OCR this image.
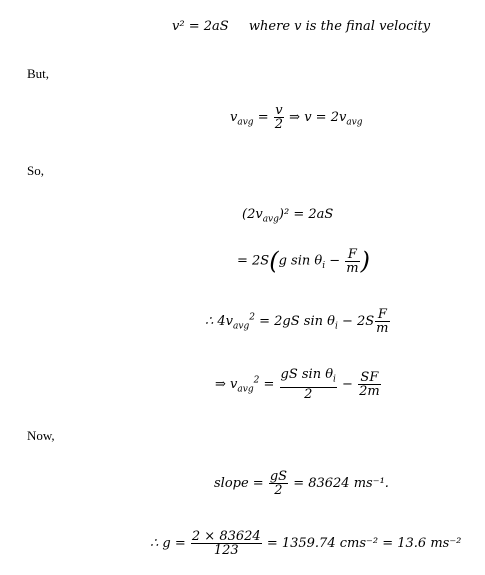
v² = 2aS where v is the final velocity
But,
$v_{avg} = \frac{v}{2}$ ⇒ $v = 2v_{avg}$
So,
$(2v_{avg})^2 = 2aS$
= 2S(g $\sin \theta_i - \frac{F}{m}$ )
∴ $4v_{avg}^2 = 2gS$ $\sin \theta_i - 2S \frac{F}{m}$
⇒ $v_{avg}^2 = \frac{gS \sin \theta_i}{2} - \frac{SF}{2m}$
Now,
slope = $\frac{gS}{2} = 83624$ ms⁻¹.
∴ $g = \frac{2 \times 83624}{123} = 1359.74$ cms⁻² = 13.6 ms⁻²
